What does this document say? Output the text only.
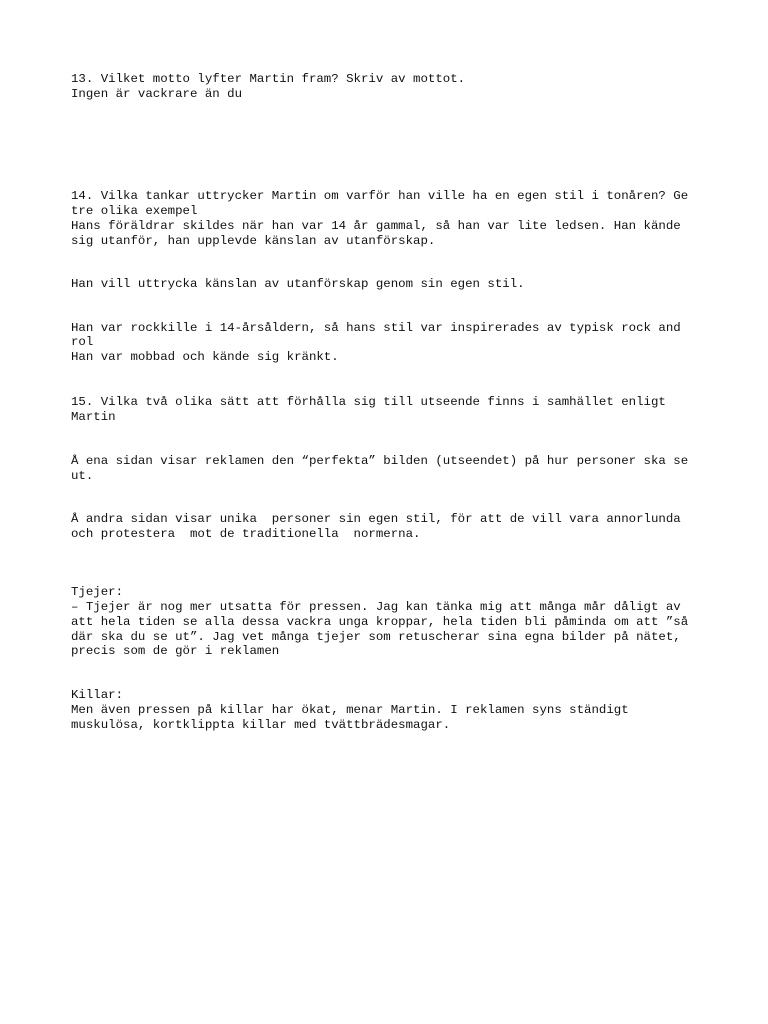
13. Vilket motto lyfter Martin fram? Skriv av mottot.

Ingen är vackrare än du

14. Vilka tankar uttrycker Martin om varför han ville ha en egen stil i tonåren? Ge

tre olika exempel

Hans föräldrar skildes när han var 14 år gammal, så han var lite ledsen. Han kände

sig utanför, han upplevde känslan av utanförskap.

Han vill uttrycka känslan av utanförskap genom sin egen stil.

Han var rockkille i 14-årsåldern, så hans stil var inspirerades av typisk rock and

rol

Han var mobbad och kände sig kränkt.

15. Vilka två olika sätt att förhålla sig till utseende finns i samhället enligt

Martin

Å ena sidan visar reklamen den “perfekta” bilden (utseendet) på hur personer ska se

ut.

Å andra sidan visar unika  personer sin egen stil, för att de vill vara annorlunda

och protestera  mot de traditionella  normerna.

Tjejer:

– Tjejer är nog mer utsatta för pressen. Jag kan tänka mig att många mår dåligt av

att hela tiden se alla dessa vackra unga kroppar, hela tiden bli påminda om att ”så

där ska du se ut”. Jag vet många tjejer som retuscherar sina egna bilder på nätet,

precis som de gör i reklamen

Killar:

Men även pressen på killar har ökat, menar Martin. I reklamen syns ständigt

muskulösa, kortklippta killar med tvättbrädesmagar.
